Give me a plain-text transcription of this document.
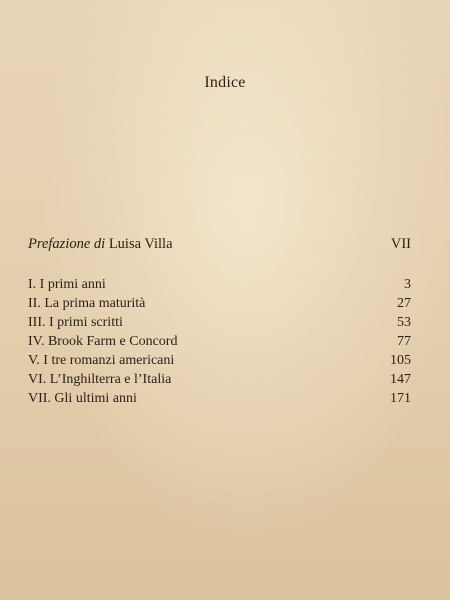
Indice
Prefazione di Luisa Villa	VII
I. I primi anni	3
II. La prima maturità	27
III. I primi scritti	53
IV. Brook Farm e Concord	77
V. I tre romanzi americani	105
VI. L’Inghilterra e l’Italia	147
VII. Gli ultimi anni	171
